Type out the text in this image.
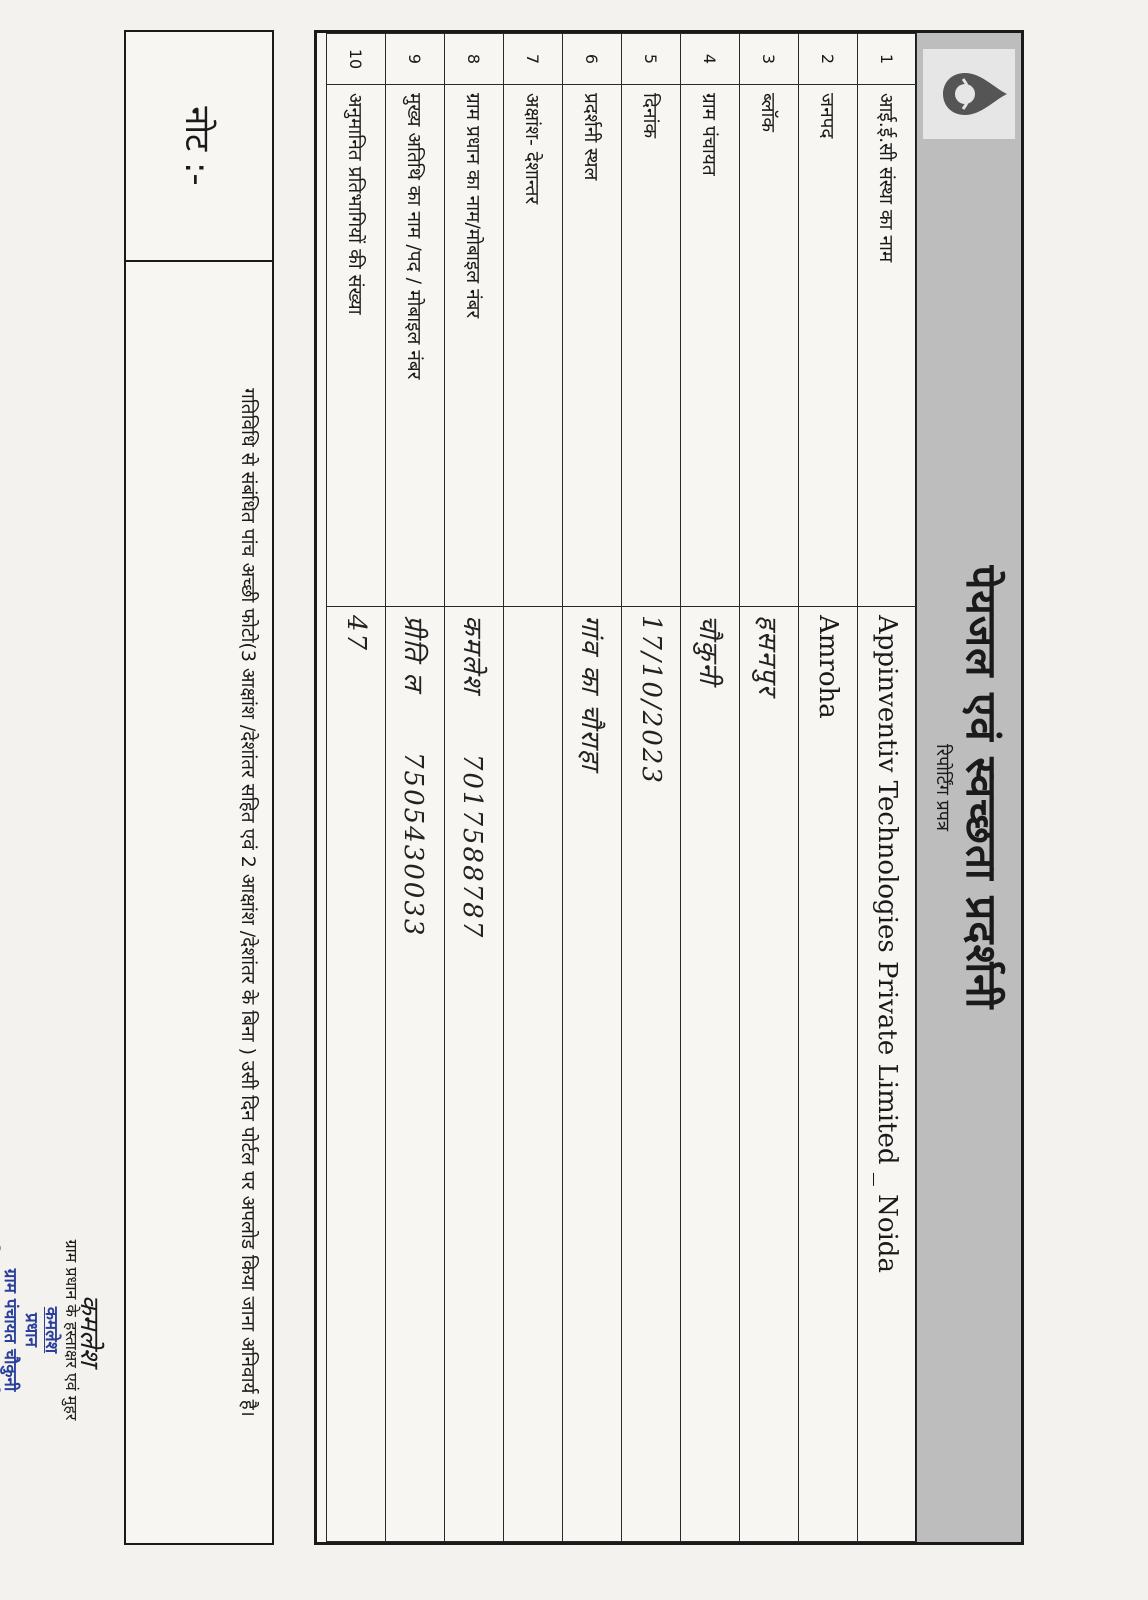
पेयजल एवं स्वच्छता प्रदर्शनी
रिपोर्टिंग प्रपत्र
1	आई.ई.सी संस्था का नाम	Appinventiv Technologies Private Limited _ Noida
2	जनपद	Amroha
3	ब्लॉक	हसनपुर
4	ग्राम पंचायत	चौकुनी
5	दिनांक	17/10/2023
6	प्रदर्शनी स्थल	गांव का चौराहा
7	अक्षांश- देशान्तर	
8	ग्राम प्रधान का नाम/मोबाइल नंबर	कमलेश7017588787
9	मुख्य अतिथि का नाम /पद / मोबाइल नंबर	प्रीति ल7505430033
10	अनुमानित प्रतिभागियों की संख्या	47
नोट :-
गतिविधि से संबंधित पांच अच्छी फोटो(3 आक्षांश /देशांतर सहित एवं 2 आक्षांश /देशांतर के बिना ) उसी दिन पोर्टल पर अपलोड किया जाना अनिवार्य है।
कमलेश
ग्राम प्रधान के हस्ताक्षर एवं मुहर
कमलेश
प्रधान
ग्राम पंचायत चौकुनी
